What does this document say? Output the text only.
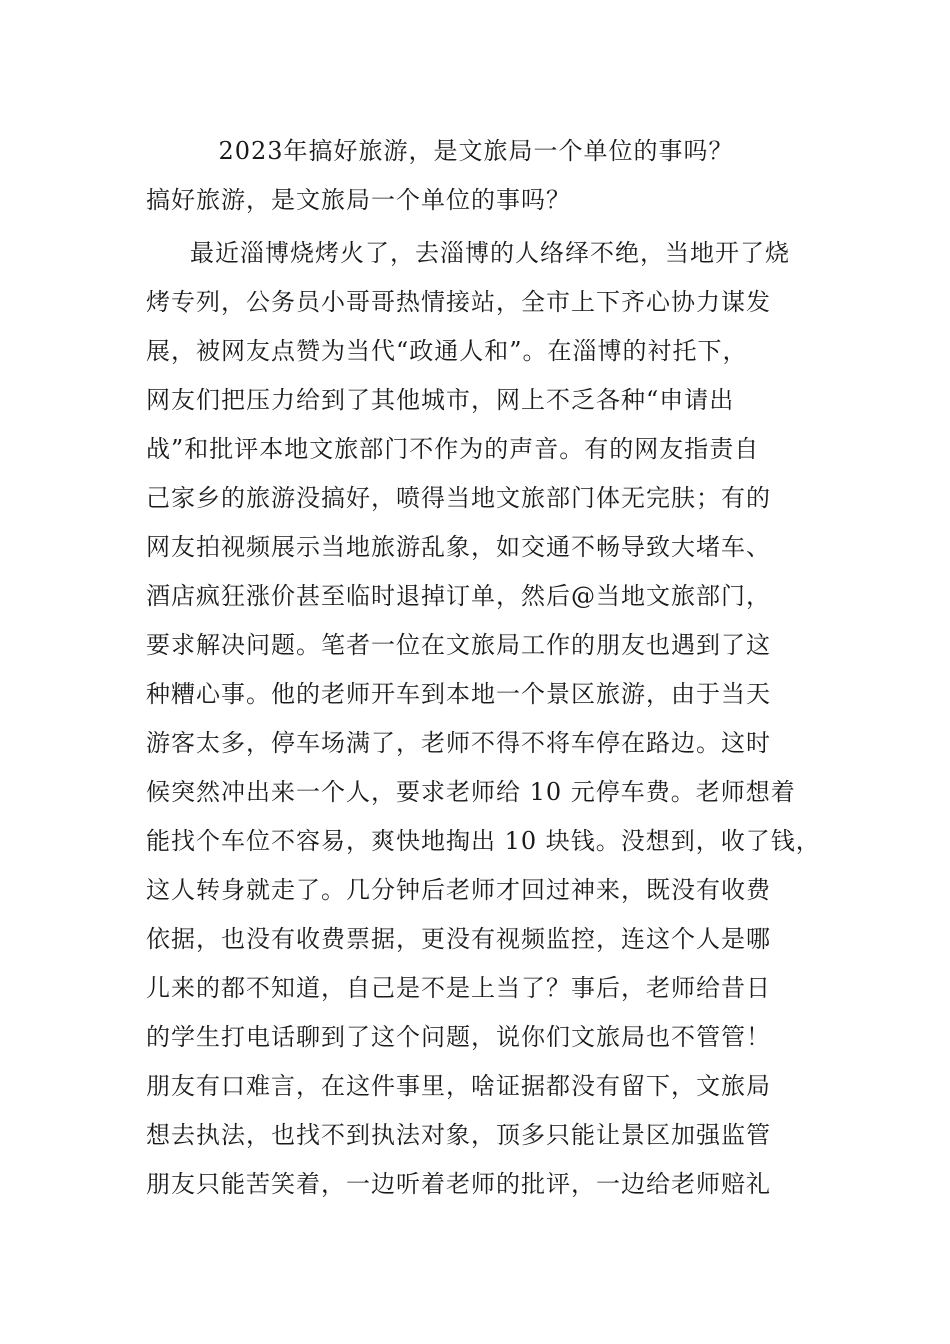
2023年搞好旅游，是文旅局一个单位的事吗？
搞好旅游，是文旅局一个单位的事吗？
最近淄博烧烤火了，去淄博的人络绎不绝，当地开了烧
烤专列，公务员小哥哥热情接站，全市上下齐心协力谋发
展，被网友点赞为当代“政通人和”。在淄博的衬托下，
网友们把压力给到了其他城市，网上不乏各种“申请出
战”和批评本地文旅部门不作为的声音。有的网友指责自
己家乡的旅游没搞好，喷得当地文旅部门体无完肤；有的
网友拍视频展示当地旅游乱象，如交通不畅导致大堵车、
酒店疯狂涨价甚至临时退掉订单，然后@当地文旅部门，
要求解决问题。笔者一位在文旅局工作的朋友也遇到了这
种糟心事。他的老师开车到本地一个景区旅游，由于当天
游客太多，停车场满了，老师不得不将车停在路边。这时
候突然冲出来一个人，要求老师给 10 元停车费。老师想着
能找个车位不容易，爽快地掏出 10 块钱。没想到，收了钱，
这人转身就走了。几分钟后老师才回过神来，既没有收费
依据，也没有收费票据，更没有视频监控，连这个人是哪
儿来的都不知道，自己是不是上当了？事后，老师给昔日
的学生打电话聊到了这个问题，说你们文旅局也不管管！
朋友有口难言，在这件事里，啥证据都没有留下，文旅局
想去执法，也找不到执法对象，顶多只能让景区加强监管
朋友只能苦笑着，一边听着老师的批评，一边给老师赔礼
